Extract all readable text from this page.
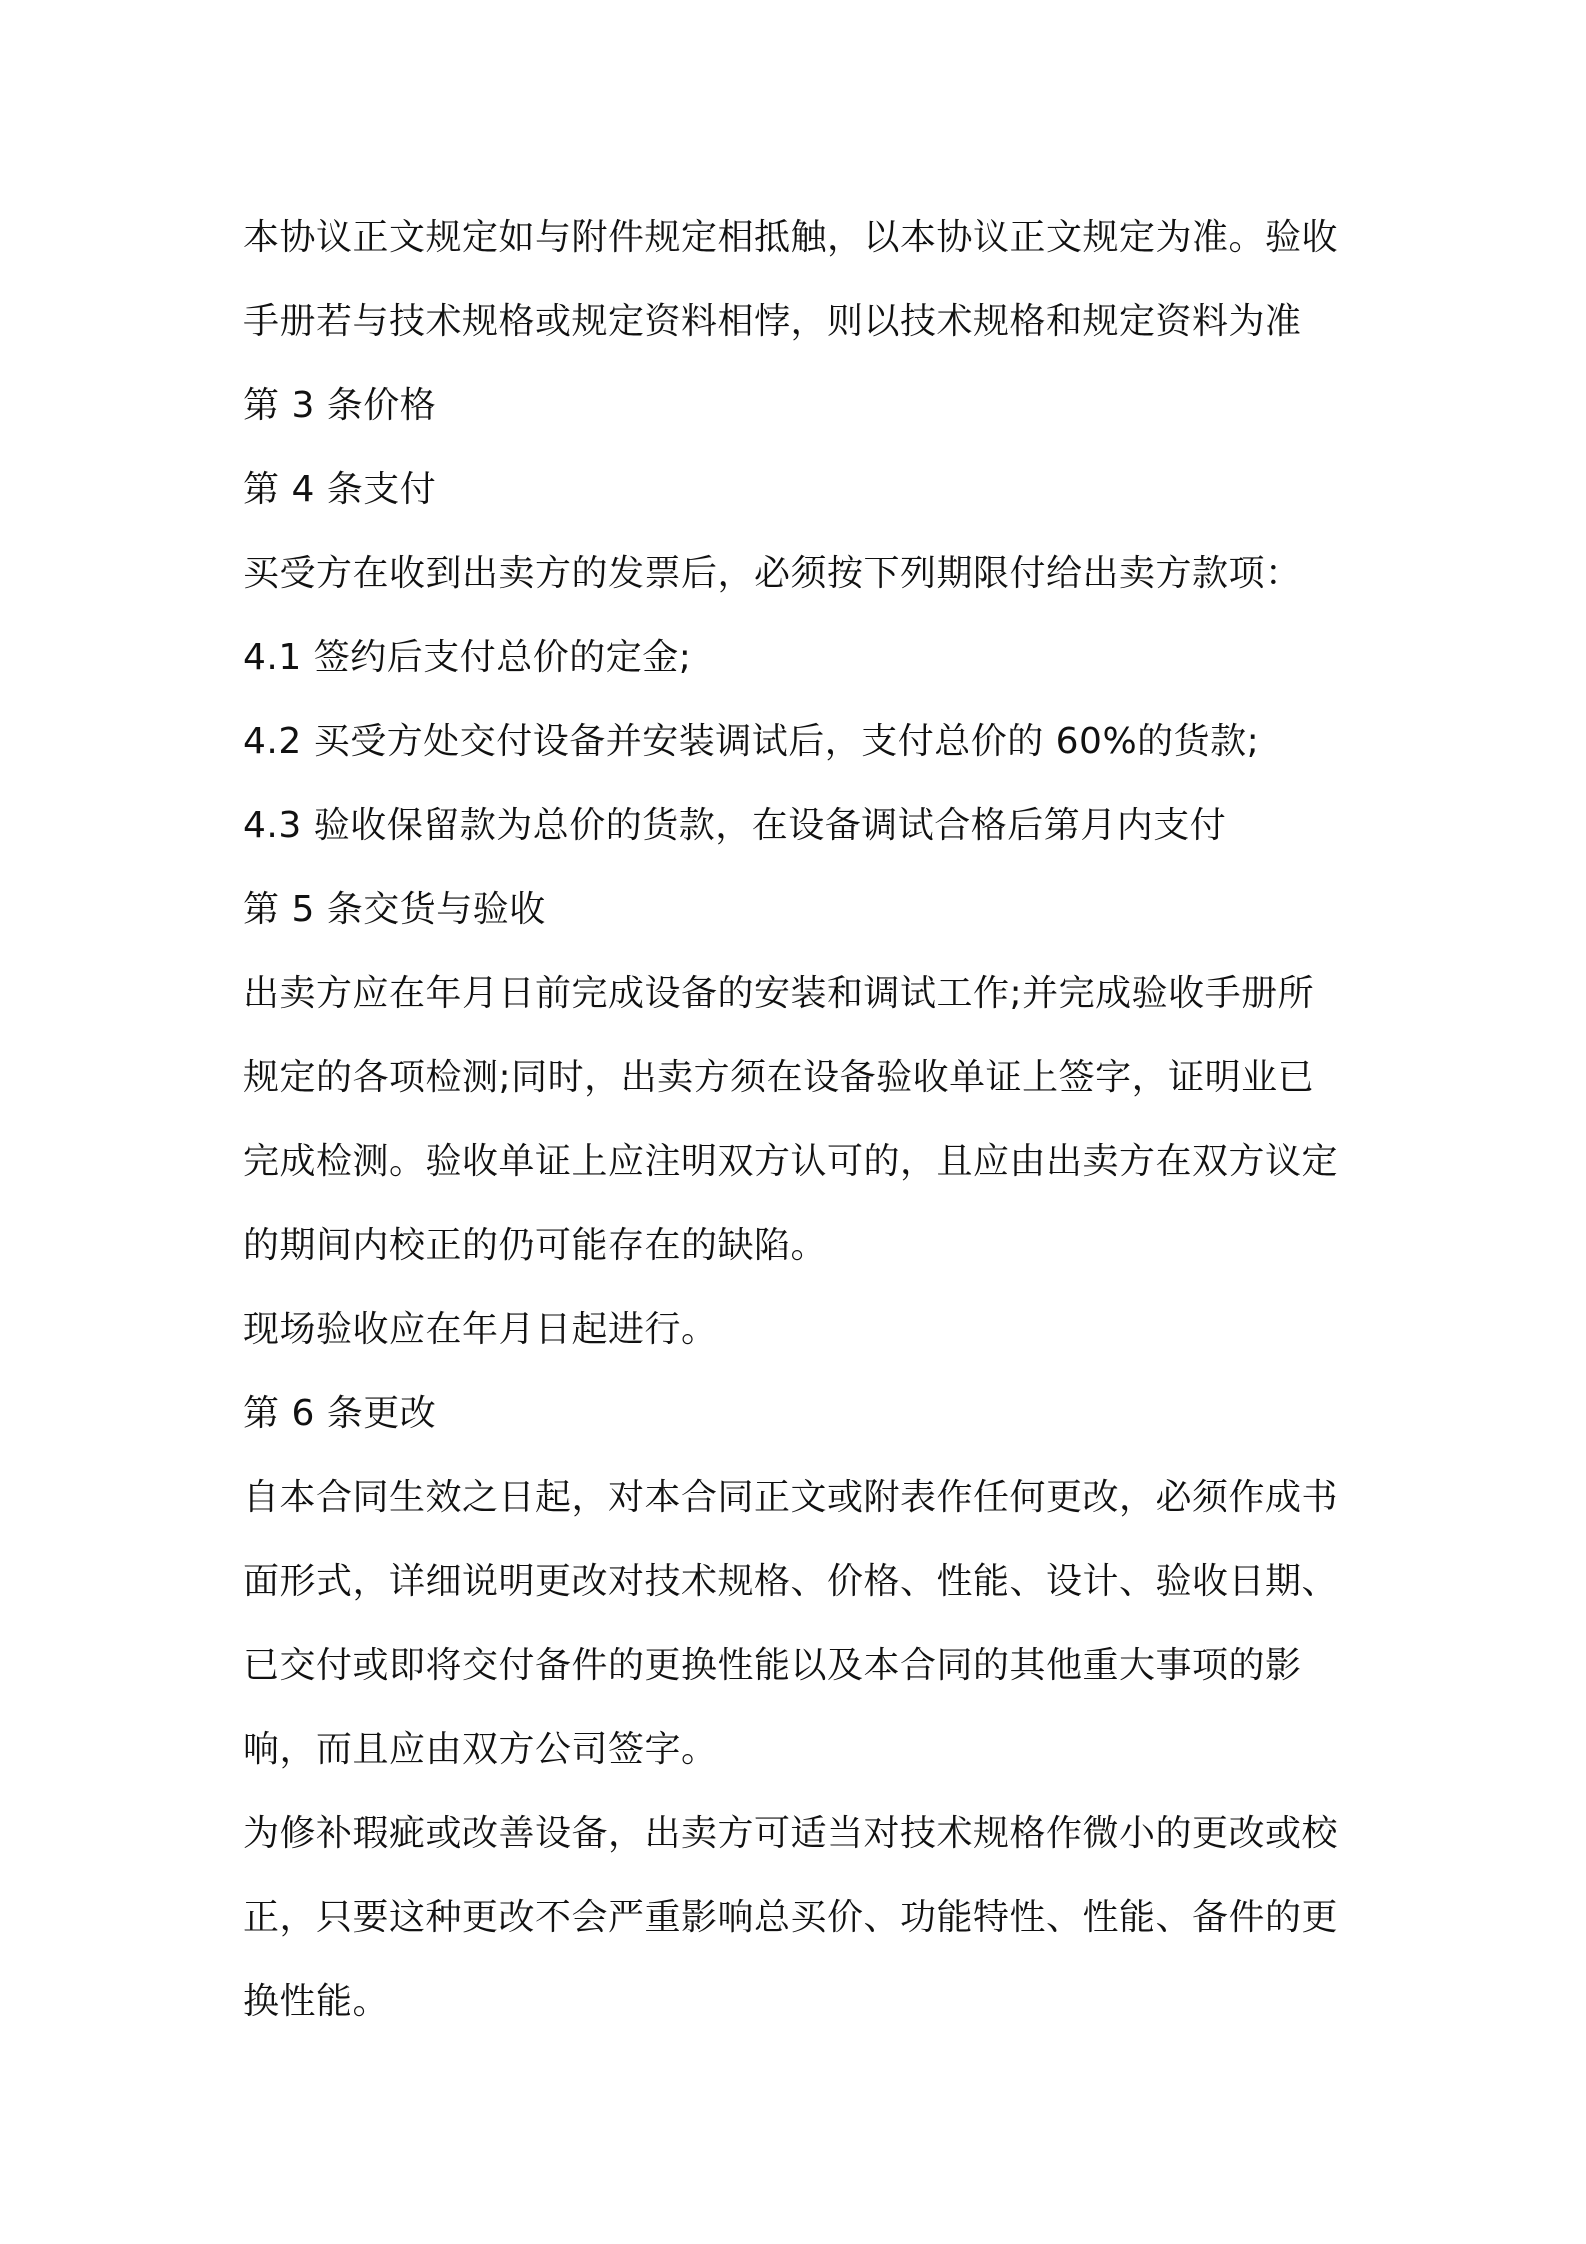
本协议正文规定如与附件规定相抵触，以本协议正文规定为准。验收
手册若与技术规格或规定资料相悖，则以技术规格和规定资料为准
第 3 条价格
第 4 条支付
买受方在收到出卖方的发票后，必须按下列期限付给出卖方款项：
4.1 签约后支付总价的定金;
4.2 买受方处交付设备并安装调试后，支付总价的 60%的货款;
4.3 验收保留款为总价的货款，在设备调试合格后第月内支付
第 5 条交货与验收
出卖方应在年月日前完成设备的安装和调试工作;并完成验收手册所
规定的各项检测;同时，出卖方须在设备验收单证上签字，证明业已
完成检测。验收单证上应注明双方认可的，且应由出卖方在双方议定
的期间内校正的仍可能存在的缺陷。
现场验收应在年月日起进行。
第 6 条更改
自本合同生效之日起，对本合同正文或附表作任何更改，必须作成书
面形式，详细说明更改对技术规格、价格、性能、设计、验收日期、
已交付或即将交付备件的更换性能以及本合同的其他重大事项的影
响，而且应由双方公司签字。
为修补瑕疵或改善设备，出卖方可适当对技术规格作微小的更改或校
正，只要这种更改不会严重影响总买价、功能特性、性能、备件的更
换性能。
